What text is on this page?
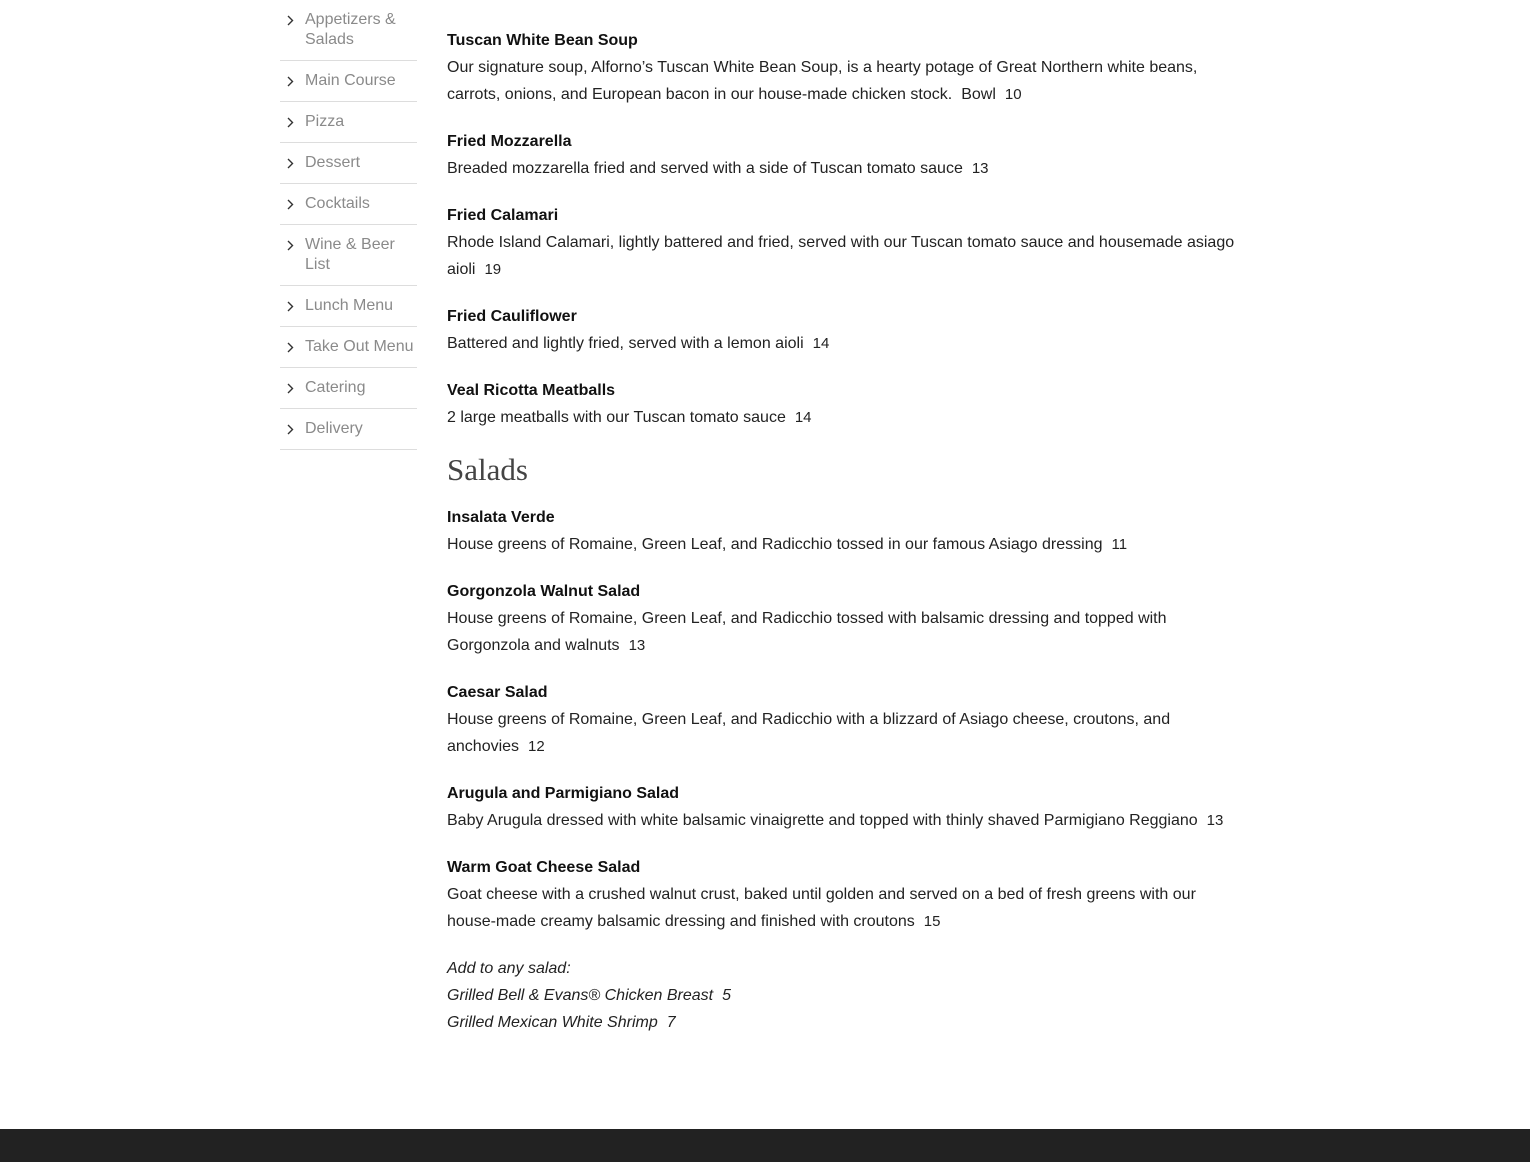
Appetizers & Salads
Main Course
Pizza
Dessert
Cocktails
Wine & Beer List
Lunch Menu
Take Out Menu
Catering
Delivery
Tuscan White Bean Soup
Our signature soup, Alforno’s Tuscan White Bean Soup, is a hearty potage of Great Northern white beans, carrots, onions, and European bacon in our house-made chicken stock. Bowl 10
Fried Mozzarella
Breaded mozzarella fried and served with a side of Tuscan tomato sauce 13
Fried Calamari
Rhode Island Calamari, lightly battered and fried, served with our Tuscan tomato sauce and housemade asiago aioli 19
Fried Cauliflower
Battered and lightly fried, served with a lemon aioli 14
Veal Ricotta Meatballs
2 large meatballs with our Tuscan tomato sauce 14
Salads
Insalata Verde
House greens of Romaine, Green Leaf, and Radicchio tossed in our famous Asiago dressing 11
Gorgonzola Walnut Salad
House greens of Romaine, Green Leaf, and Radicchio tossed with balsamic dressing and topped with Gorgonzola and walnuts 13
Caesar Salad
House greens of Romaine, Green Leaf, and Radicchio with a blizzard of Asiago cheese, croutons, and anchovies 12
Arugula and Parmigiano Salad
Baby Arugula dressed with white balsamic vinaigrette and topped with thinly shaved Parmigiano Reggiano 13
Warm Goat Cheese Salad
Goat cheese with a crushed walnut crust, baked until golden and served on a bed of fresh greens with our house-made creamy balsamic dressing and finished with croutons 15
Add to any salad:
Grilled Bell & Evans® Chicken Breast 5
Grilled Mexican White Shrimp 7
